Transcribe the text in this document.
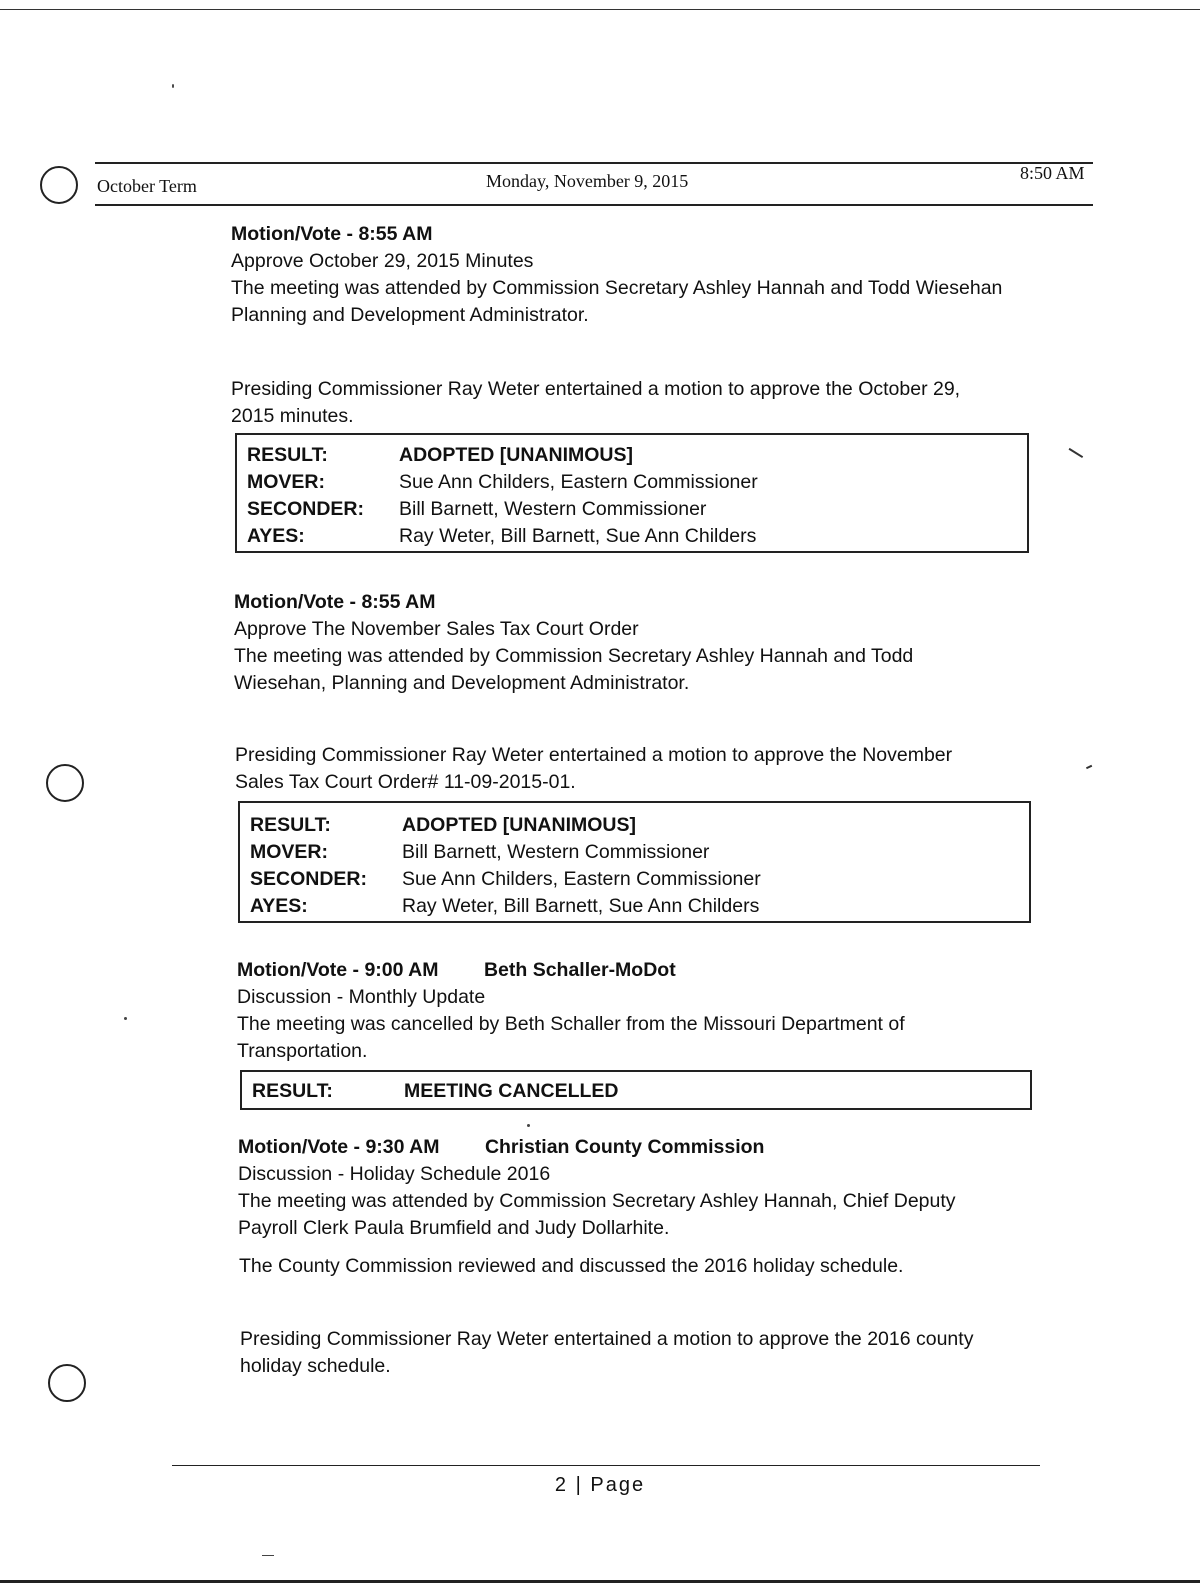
October Term	Monday, November 9, 2015	8:50 AM
Motion/Vote - 8:55 AM
Approve October 29, 2015 Minutes
The meeting was attended by Commission Secretary Ashley Hannah and Todd Wiesehan
Planning and Development Administrator.
Presiding Commissioner Ray Weter entertained a motion to approve the October 29,
2015 minutes.
RESULT:	ADOPTED [UNANIMOUS]
MOVER:	Sue Ann Childers, Eastern Commissioner
SECONDER:	Bill Barnett, Western Commissioner
AYES:	Ray Weter, Bill Barnett, Sue Ann Childers
Motion/Vote - 8:55 AM
Approve The November Sales Tax Court Order
The meeting was attended by Commission Secretary Ashley Hannah and Todd
Wiesehan, Planning and Development Administrator.
Presiding Commissioner Ray Weter entertained a motion to approve the November
Sales Tax Court Order# 11-09-2015-01.
RESULT:	ADOPTED [UNANIMOUS]
MOVER:	Bill Barnett, Western Commissioner
SECONDER:	Sue Ann Childers, Eastern Commissioner
AYES:	Ray Weter, Bill Barnett, Sue Ann Childers
Motion/Vote - 9:00 AM Beth Schaller-MoDot
Discussion - Monthly Update
The meeting was cancelled by Beth Schaller from the Missouri Department of
Transportation.
RESULT:	MEETING CANCELLED
Motion/Vote - 9:30 AM Christian County Commission
Discussion - Holiday Schedule 2016
The meeting was attended by Commission Secretary Ashley Hannah, Chief Deputy
Payroll Clerk Paula Brumfield and Judy Dollarhite.
The County Commission reviewed and discussed the 2016 holiday schedule.
Presiding Commissioner Ray Weter entertained a motion to approve the 2016 county
holiday schedule.
2 | Page
